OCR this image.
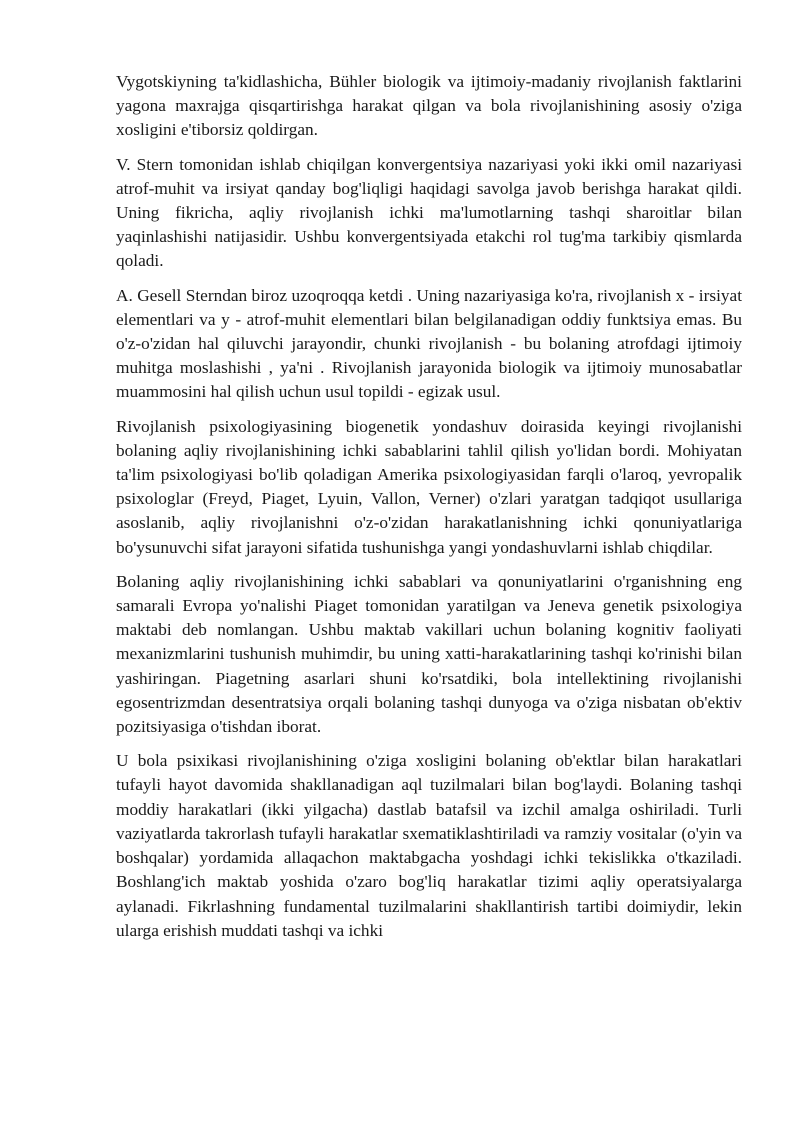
Vygotskiyning ta'kidlashicha, Bühler biologik va ijtimoiy-madaniy rivojlanish faktlarini yagona maxrajga qisqartirishga harakat qilgan va bola rivojlanishining asosiy o'ziga xosligini e'tiborsiz qoldirgan.

V. Stern tomonidan ishlab chiqilgan konvergentsiya nazariyasi yoki ikki omil nazariyasi atrof-muhit va irsiyat qanday bog'liqligi haqidagi savolga javob berishga harakat qildi. Uning fikricha, aqliy rivojlanish ichki ma'lumotlarning tashqi sharoitlar bilan yaqinlashishi natijasidir. Ushbu konvergentsiyada etakchi rol tug'ma tarkibiy qismlarda qoladi.

A. Gesell Sterndan biroz uzoqroqqa ketdi . Uning nazariyasiga ko'ra, rivojlanish x - irsiyat elementlari va y - atrof-muhit elementlari bilan belgilanadigan oddiy funktsiya emas. Bu o'z-o'zidan hal qiluvchi jarayondir, chunki rivojlanish - bu bolaning atrofdagi ijtimoiy muhitga moslashishi , ya'ni . Rivojlanish jarayonida biologik va ijtimoiy munosabatlar muammosini hal qilish uchun usul topildi - egizak usul.

Rivojlanish psixologiyasining biogenetik yondashuv doirasida keyingi rivojlanishi bolaning aqliy rivojlanishining ichki sabablarini tahlil qilish yo'lidan bordi. Mohiyatan ta'lim psixologiyasi bo'lib qoladigan Amerika psixologiyasidan farqli o'laroq, yevropalik psixologlar (Freyd, Piaget, Lyuin, Vallon, Verner) o'zlari yaratgan tadqiqot usullariga asoslanib, aqliy rivojlanishni o'z-o'zidan harakatlanishning ichki qonuniyatlariga bo'ysunuvchi sifat jarayoni sifatida tushunishga yangi yondashuvlarni ishlab chiqdilar.

Bolaning aqliy rivojlanishining ichki sabablari va qonuniyatlarini o'rganishning eng samarali Evropa yo'nalishi Piaget tomonidan yaratilgan va Jeneva genetik psixologiya maktabi deb nomlangan. Ushbu maktab vakillari uchun bolaning kognitiv faoliyati mexanizmlarini tushunish muhimdir, bu uning xatti-harakatlarining tashqi ko'rinishi bilan yashiringan. Piagetning asarlari shuni ko'rsatdiki, bola intellektining rivojlanishi egosentrizmdan desentratsiya orqali bolaning tashqi dunyoga va o'ziga nisbatan ob'ektiv pozitsiyasiga o'tishdan iborat.

U bola psixikasi rivojlanishining o'ziga xosligini bolaning ob'ektlar bilan harakatlari tufayli hayot davomida shakllanadigan aql tuzilmalari bilan bog'laydi. Bolaning tashqi moddiy harakatlari (ikki yilgacha) dastlab batafsil va izchil amalga oshiriladi. Turli vaziyatlarda takrorlash tufayli harakatlar sxematiklashtiriladi va ramziy vositalar (o'yin va boshqalar) yordamida allaqachon maktabgacha yoshdagi ichki tekislikka o'tkaziladi. Boshlang'ich maktab yoshida o'zaro bog'liq harakatlar tizimi aqliy operatsiyalarga aylanadi. Fikrlashning fundamental tuzilmalarini shakllantirish tartibi doimiydir, lekin ularga erishish muddati tashqi va ichki
